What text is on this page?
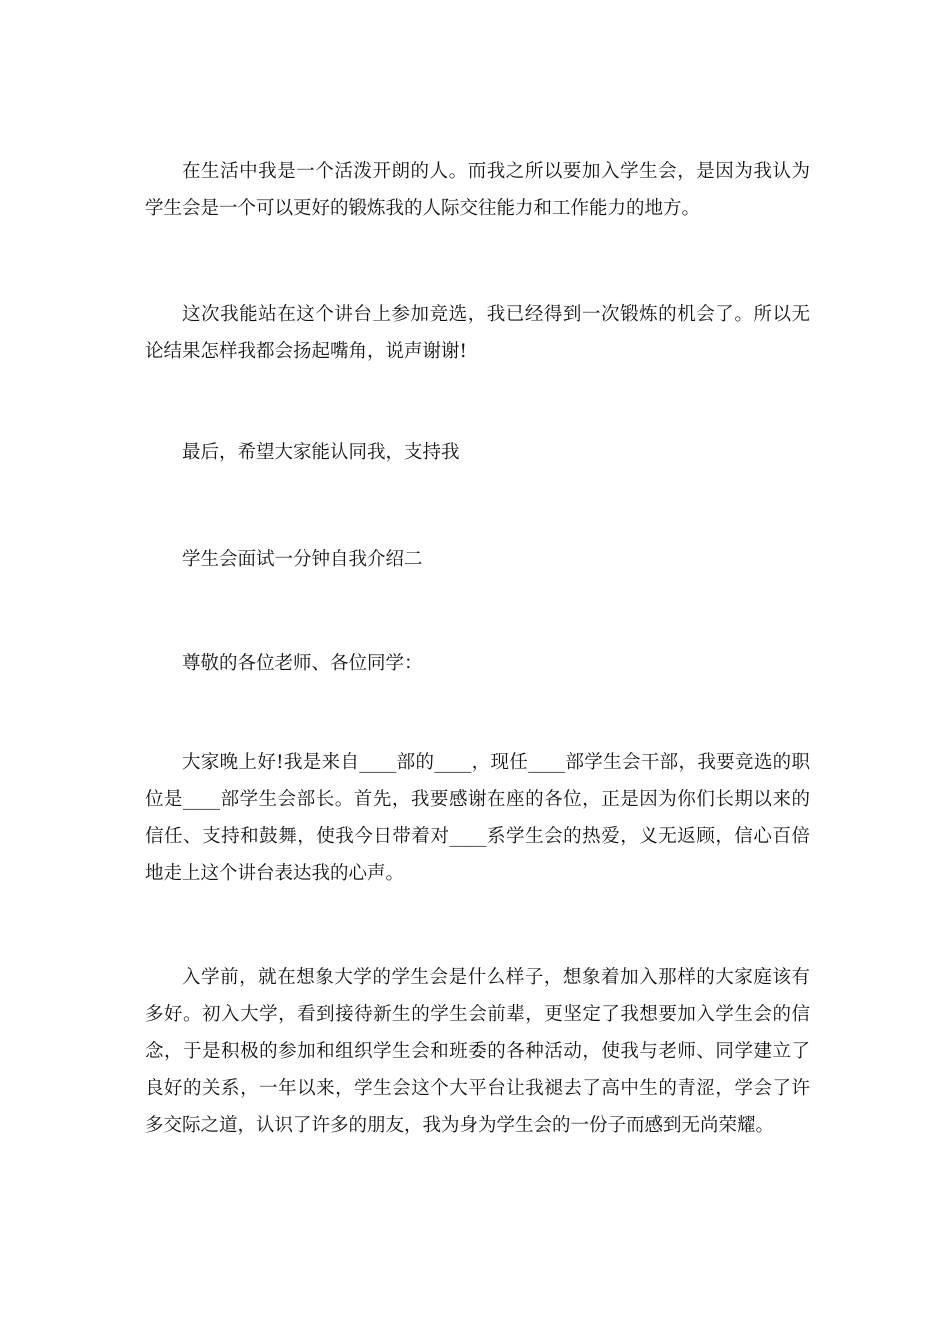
在生活中我是一个活泼开朗的人。而我之所以要加入学生会，是因为我认为学生会是一个可以更好的锻炼我的人际交往能力和工作能力的地方。

这次我能站在这个讲台上参加竞选，我已经得到一次锻炼的机会了。所以无论结果怎样我都会扬起嘴角，说声谢谢!

最后，希望大家能认同我，支持我

学生会面试一分钟自我介绍二

尊敬的各位老师、各位同学：

大家晚上好!我是来自____部的____，现任____部学生会干部，我要竞选的职位是____部学生会部长。首先，我要感谢在座的各位，正是因为你们长期以来的信任、支持和鼓舞，使我今日带着对____系学生会的热爱，义无返顾，信心百倍地走上这个讲台表达我的心声。

入学前，就在想象大学的学生会是什么样子，想象着加入那样的大家庭该有多好。初入大学，看到接待新生的学生会前辈，更坚定了我想要加入学生会的信念，于是积极的参加和组织学生会和班委的各种活动，使我与老师、同学建立了良好的关系，一年以来，学生会这个大平台让我褪去了高中生的青涩，学会了许多交际之道，认识了许多的朋友，我为身为学生会的一份子而感到无尚荣耀。
